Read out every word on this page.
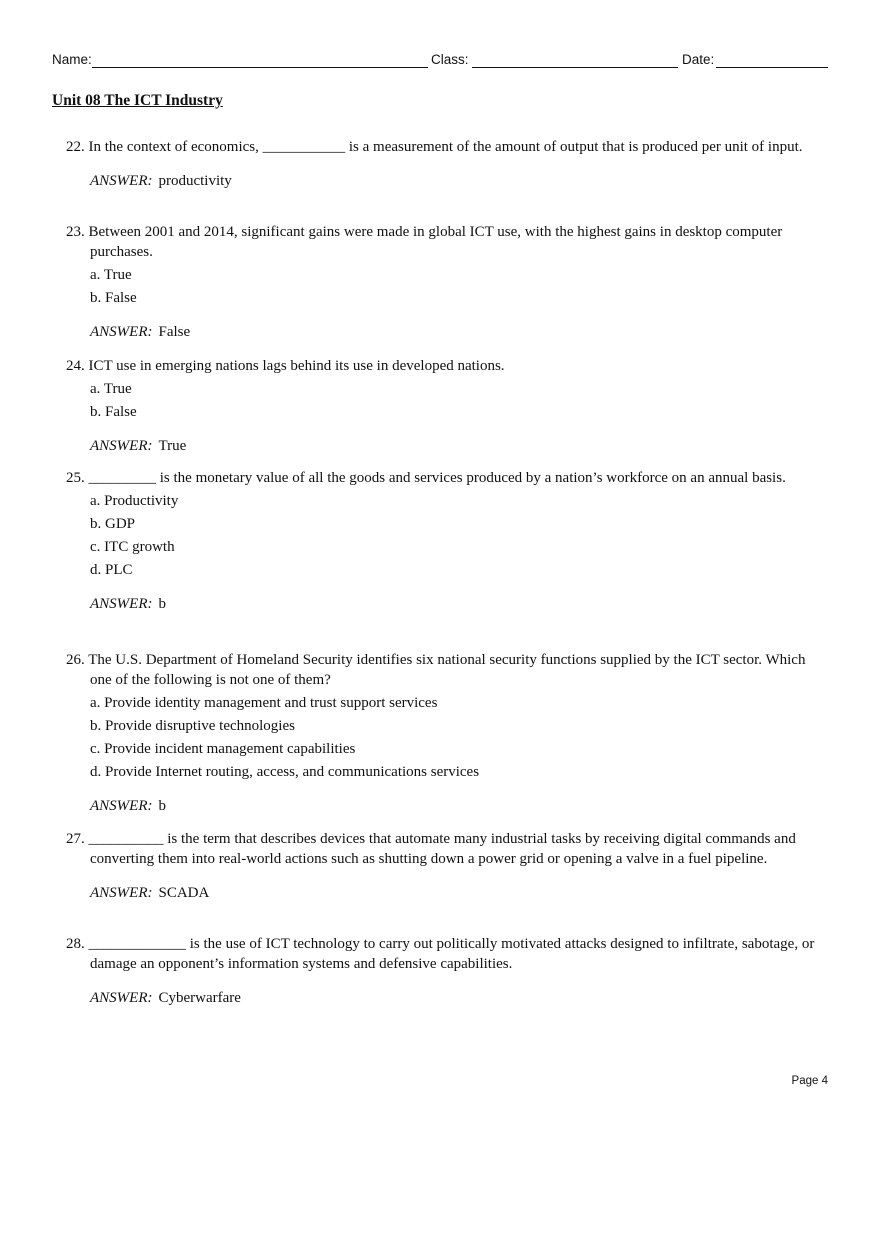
Name:	Class:	Date:
Unit 08 The ICT Industry
22. In the context of economics, ___________ is a measurement of the amount of output that is produced per unit of input.
ANSWER: productivity
23. Between 2001 and 2014, significant gains were made in global ICT use, with the highest gains in desktop computer purchases.
a. True
b. False
ANSWER: False
24. ICT use in emerging nations lags behind its use in developed nations.
a. True
b. False
ANSWER: True
25. _________ is the monetary value of all the goods and services produced by a nation’s workforce on an annual basis.
a. Productivity
b. GDP
c. ITC growth
d. PLC
ANSWER: b
26. The U.S. Department of Homeland Security identifies six national security functions supplied by the ICT sector. Which one of the following is not one of them?
a. Provide identity management and trust support services
b. Provide disruptive technologies
c. Provide incident management capabilities
d. Provide Internet routing, access, and communications services
ANSWER: b
27. __________ is the term that describes devices that automate many industrial tasks by receiving digital commands and converting them into real-world actions such as shutting down a power grid or opening a valve in a fuel pipeline.
ANSWER: SCADA
28. _____________ is the use of ICT technology to carry out politically motivated attacks designed to infiltrate, sabotage, or damage an opponent’s information systems and defensive capabilities.
ANSWER: Cyberwarfare
Page 4
